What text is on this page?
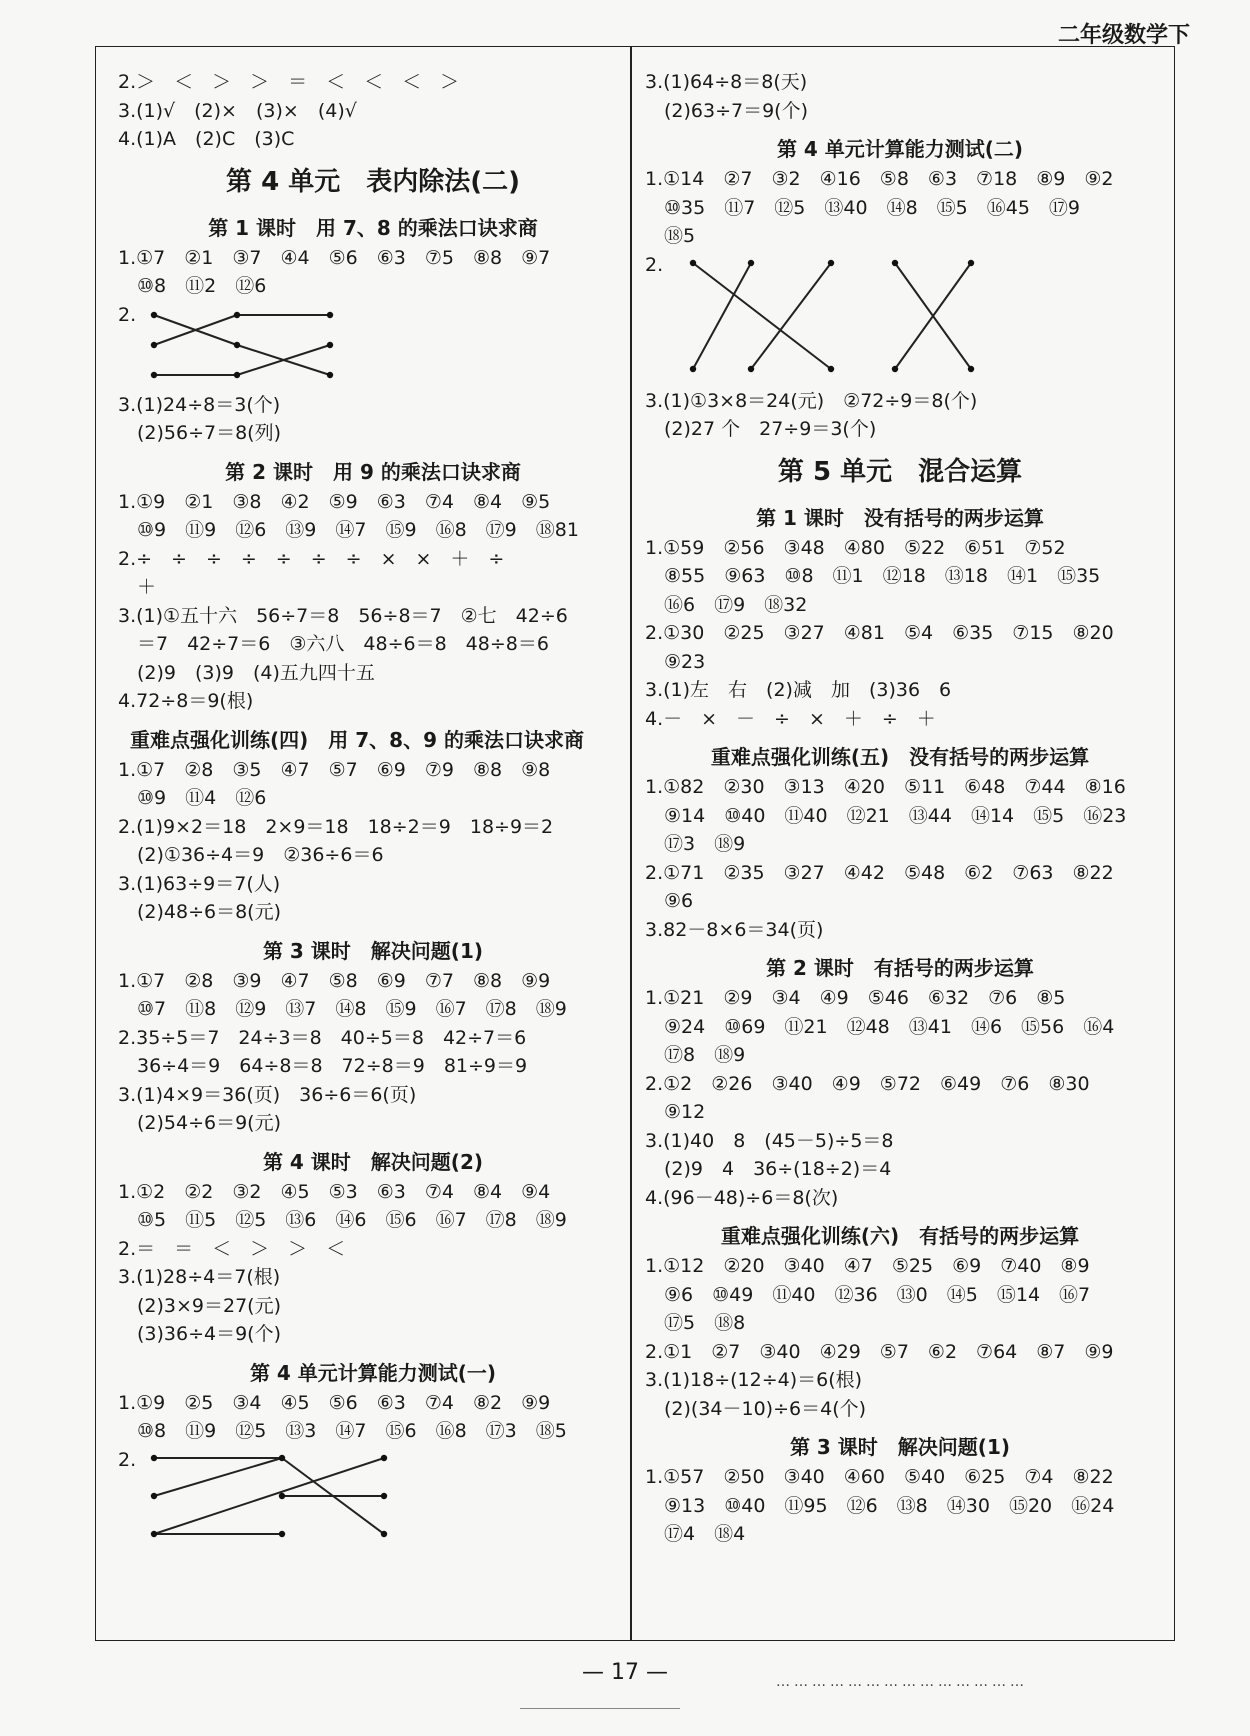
二年级数学下
2.＞　＜　＞　＞　＝　＜　＜　＜　＞
3.(1)√　(2)×　(3)×　(4)√
4.(1)A　(2)C　(3)C
第 4 单元　表内除法(二)
第 1 课时　用 7、8 的乘法口诀求商
1.①7　②1　③7　④4　⑤6　⑥3　⑦5　⑧8　⑨7
　⑩8　⑪2　⑫6
2.
3.(1)24÷8＝3(个)
　(2)56÷7＝8(列)
第 2 课时　用 9 的乘法口诀求商
1.①9　②1　③8　④2　⑤9　⑥3　⑦4　⑧4　⑨5
　⑩9　⑪9　⑫6　⑬9　⑭7　⑮9　⑯8　⑰9　⑱81
2.÷　÷　÷　÷　÷　÷　÷　×　×　＋　÷
　＋
3.(1)①五十六　56÷7＝8　56÷8＝7　②七　42÷6
　＝7　42÷7＝6　③六八　48÷6＝8　48÷8＝6
　(2)9　(3)9　(4)五九四十五
4.72÷8＝9(根)
重难点强化训练(四)　用 7、8、9 的乘法口诀求商
1.①7　②8　③5　④7　⑤7　⑥9　⑦9　⑧8　⑨8
　⑩9　⑪4　⑫6
2.(1)9×2＝18　2×9＝18　18÷2＝9　18÷9＝2
　(2)①36÷4＝9　②36÷6＝6
3.(1)63÷9＝7(人)
　(2)48÷6＝8(元)
第 3 课时　解决问题(1)
1.①7　②8　③9　④7　⑤8　⑥9　⑦7　⑧8　⑨9
　⑩7　⑪8　⑫9　⑬7　⑭8　⑮9　⑯7　⑰8　⑱9
2.35÷5＝7　24÷3＝8　40÷5＝8　42÷7＝6
　36÷4＝9　64÷8＝8　72÷8＝9　81÷9＝9
3.(1)4×9＝36(页)　36÷6＝6(页)
　(2)54÷6＝9(元)
第 4 课时　解决问题(2)
1.①2　②2　③2　④5　⑤3　⑥3　⑦4　⑧4　⑨4
　⑩5　⑪5　⑫5　⑬6　⑭6　⑮6　⑯7　⑰8　⑱9
2.＝　＝　＜　＞　＞　＜
3.(1)28÷4＝7(根)
　(2)3×9＝27(元)
　(3)36÷4＝9(个)
第 4 单元计算能力测试(一)
1.①9　②5　③4　④5　⑤6　⑥3　⑦4　⑧2　⑨9
　⑩8　⑪9　⑫5　⑬3　⑭7　⑮6　⑯8　⑰3　⑱5
2.
3.(1)64÷8＝8(天)
　(2)63÷7＝9(个)
第 4 单元计算能力测试(二)
1.①14　②7　③2　④16　⑤8　⑥3　⑦18　⑧9　⑨2
　⑩35　⑪7　⑫5　⑬40　⑭8　⑮5　⑯45　⑰9
　⑱5
2.
3.(1)①3×8＝24(元)　②72÷9＝8(个)
　(2)27 个　27÷9＝3(个)
第 5 单元　混合运算
第 1 课时　没有括号的两步运算
1.①59　②56　③48　④80　⑤22　⑥51　⑦52
　⑧55　⑨63　⑩8　⑪1　⑫18　⑬18　⑭1　⑮35
　⑯6　⑰9　⑱32
2.①30　②25　③27　④81　⑤4　⑥35　⑦15　⑧20
　⑨23
3.(1)左　右　(2)减　加　(3)36　6
4.－　×　－　÷　×　＋　÷　＋
重难点强化训练(五)　没有括号的两步运算
1.①82　②30　③13　④20　⑤11　⑥48　⑦44　⑧16
　⑨14　⑩40　⑪40　⑫21　⑬44　⑭14　⑮5　⑯23
　⑰3　⑱9
2.①71　②35　③27　④42　⑤48　⑥2　⑦63　⑧22
　⑨6
3.82－8×6＝34(页)
第 2 课时　有括号的两步运算
1.①21　②9　③4　④9　⑤46　⑥32　⑦6　⑧5
　⑨24　⑩69　⑪21　⑫48　⑬41　⑭6　⑮56　⑯4
　⑰8　⑱9
2.①2　②26　③40　④9　⑤72　⑥49　⑦6　⑧30
　⑨12
3.(1)40　8　(45－5)÷5＝8
　(2)9　4　36÷(18÷2)＝4
4.(96－48)÷6＝8(次)
重难点强化训练(六)　有括号的两步运算
1.①12　②20　③40　④7　⑤25　⑥9　⑦40　⑧9
　⑨6　⑩49　⑪40　⑫36　⑬0　⑭5　⑮14　⑯7
　⑰5　⑱8
2.①1　②7　③40　④29　⑤7　⑥2　⑦64　⑧7　⑨9
3.(1)18÷(12÷4)＝6(根)
　(2)(34－10)÷6＝4(个)
第 3 课时　解决问题(1)
1.①57　②50　③40　④60　⑤40　⑥25　⑦4　⑧22
　⑨13　⑩40　⑪95　⑫6　⑬8　⑭30　⑮20　⑯24
　⑰4　⑱4
— 17 —	……………………………………
